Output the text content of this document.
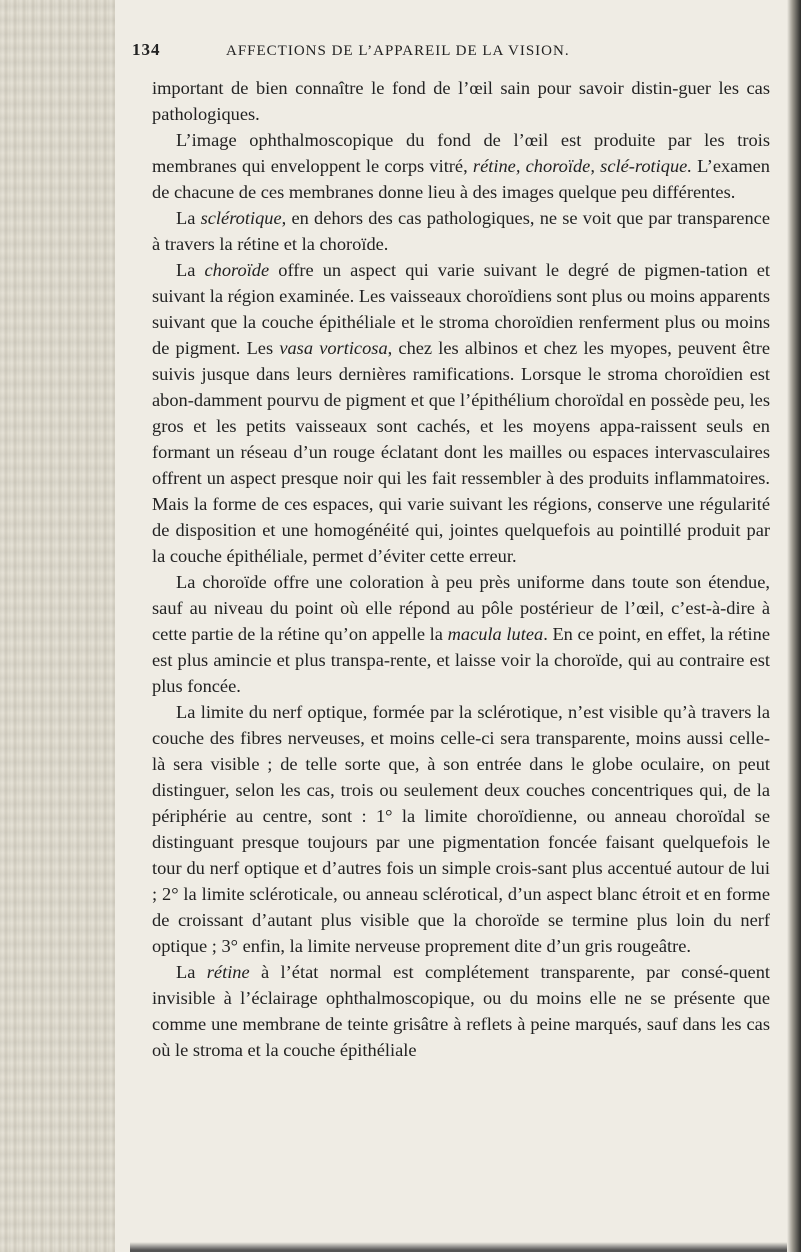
134	AFFECTIONS DE L’APPAREIL DE LA VISION.

important de bien connaître le fond de l’œil sain pour savoir distin-guer les cas pathologiques.

L’image ophthalmoscopique du fond de l’œil est produite par les trois membranes qui enveloppent le corps vitré, rétine, choroïde, sclé-rotique. L’examen de chacune de ces membranes donne lieu à des images quelque peu différentes.

La sclérotique, en dehors des cas pathologiques, ne se voit que par transparence à travers la rétine et la choroïde.

La choroïde offre un aspect qui varie suivant le degré de pigmen-tation et suivant la région examinée. Les vaisseaux choroïdiens sont plus ou moins apparents suivant que la couche épithéliale et le stroma choroïdien renferment plus ou moins de pigment. Les vasa vorticosa, chez les albinos et chez les myopes, peuvent être suivis jusque dans leurs dernières ramifications. Lorsque le stroma choroïdien est abon-damment pourvu de pigment et que l’épithélium choroïdal en possède peu, les gros et les petits vaisseaux sont cachés, et les moyens appa-raissent seuls en formant un réseau d’un rouge éclatant dont les mailles ou espaces intervasculaires offrent un aspect presque noir qui les fait ressembler à des produits inflammatoires. Mais la forme de ces espaces, qui varie suivant les régions, conserve une régularité de disposition et une homogénéité qui, jointes quelquefois au pointillé produit par la couche épithéliale, permet d’éviter cette erreur.

La choroïde offre une coloration à peu près uniforme dans toute son étendue, sauf au niveau du point où elle répond au pôle postérieur de l’œil, c’est-à-dire à cette partie de la rétine qu’on appelle la macula lutea. En ce point, en effet, la rétine est plus amincie et plus transpa-rente, et laisse voir la choroïde, qui au contraire est plus foncée.

La limite du nerf optique, formée par la sclérotique, n’est visible qu’à travers la couche des fibres nerveuses, et moins celle-ci sera transparente, moins aussi celle-là sera visible ; de telle sorte que, à son entrée dans le globe oculaire, on peut distinguer, selon les cas, trois ou seulement deux couches concentriques qui, de la périphérie au centre, sont : 1° la limite choroïdienne, ou anneau choroïdal se distinguant presque toujours par une pigmentation foncée faisant quelquefois le tour du nerf optique et d’autres fois un simple crois-sant plus accentué autour de lui ; 2° la limite scléroticale, ou anneau sclérotical, d’un aspect blanc étroit et en forme de croissant d’autant plus visible que la choroïde se termine plus loin du nerf optique ; 3° enfin, la limite nerveuse proprement dite d’un gris rougeâtre.

La rétine à l’état normal est complétement transparente, par consé-quent invisible à l’éclairage ophthalmoscopique, ou du moins elle ne se présente que comme une membrane de teinte grisâtre à reflets à peine marqués, sauf dans les cas où le stroma et la couche épithéliale
